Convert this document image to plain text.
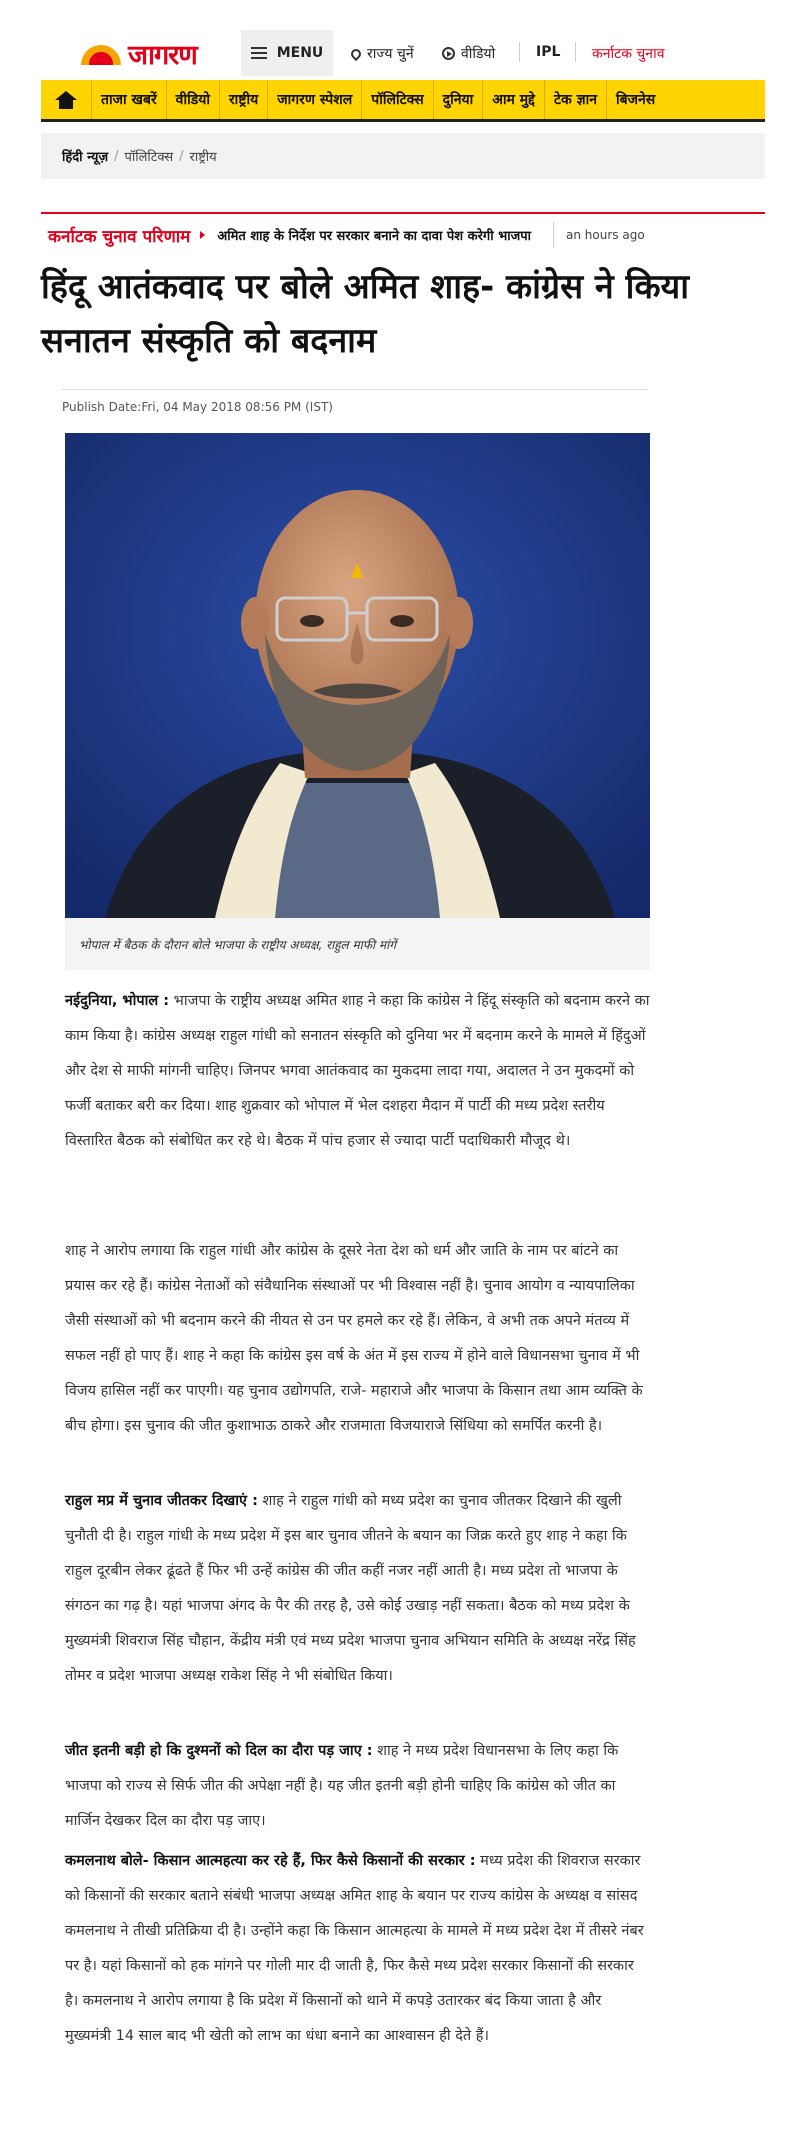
जागरण	MENU	राज्य चुनें	वीडियो	IPL कर्नाटक चुनाव
ताजा खबरें	वीडियो	राष्ट्रीय	जागरण स्पेशल	पॉलिटिक्स	दुनिया	आम मुद्दे	टेक ज्ञान	बिजनेस
हिंदी न्यूज़ / पॉलिटिक्स / राष्ट्रीय
कर्नाटक चुनाव परिणाम अमित शाह के निर्देश पर सरकार बनाने का दावा पेश करेगी भाजपा	an hours ago
हिंदू आतंकवाद पर बोले अमित शाह- कांग्रेस ने किया सनातन संस्कृति को बदनाम
Publish Date:Fri, 04 May 2018 08:56 PM (IST)
भोपाल में बैठक के दौरान बोले भाजपा के राष्ट्रीय अध्यक्ष, राहुल माफी मांगें

नईदुनिया, भोपाल : भाजपा के राष्ट्रीय अध्यक्ष अमित शाह ने कहा कि कांग्रेस ने हिंदू संस्कृति को बदनाम करने का काम किया है। कांग्रेस अध्यक्ष राहुल गांधी को सनातन संस्कृति को दुनिया भर में बदनाम करने के मामले में हिंदुओं और देश से माफी मांगनी चाहिए। जिनपर भगवा आतंकवाद का मुकदमा लादा गया, अदालत ने उन मुकदमों को फर्जी बताकर बरी कर दिया। शाह शुक्रवार को भोपाल में भेल दशहरा मैदान में पार्टी की मध्य प्रदेश स्तरीय विस्तारित बैठक को संबोधित कर रहे थे। बैठक में पांच हजार से ज्यादा पार्टी पदाधिकारी मौजूद थे।

शाह ने आरोप लगाया कि राहुल गांधी और कांग्रेस के दूसरे नेता देश को धर्म और जाति के नाम पर बांटने का प्रयास कर रहे हैं। कांग्रेस नेताओं को संवैधानिक संस्थाओं पर भी विश्वास नहीं है। चुनाव आयोग व न्यायपालिका जैसी संस्थाओं को भी बदनाम करने की नीयत से उन पर हमले कर रहे हैं। लेकिन, वे अभी तक अपने मंतव्य में सफल नहीं हो पाए हैं। शाह ने कहा कि कांग्रेस इस वर्ष के अंत में इस राज्य में होने वाले विधानसभा चुनाव में भी विजय हासिल नहीं कर पाएगी। यह चुनाव उद्योगपति, राजे- महाराजे और भाजपा के किसान तथा आम व्यक्ति के बीच होगा। इस चुनाव की जीत कुशाभाऊ ठाकरे और राजमाता विजयाराजे सिंधिया को समर्पित करनी है।

राहुल मप्र में चुनाव जीतकर दिखाएं : शाह ने राहुल गांधी को मध्य प्रदेश का चुनाव जीतकर दिखाने की खुली चुनौती दी है। राहुल गांधी के मध्य प्रदेश में इस बार चुनाव जीतने के बयान का जिक्र करते हुए शाह ने कहा कि राहुल दूरबीन लेकर ढूंढते हैं फिर भी उन्हें कांग्रेस की जीत कहीं नजर नहीं आती है। मध्य प्रदेश तो भाजपा के संगठन का गढ़ है। यहां भाजपा अंगद के पैर की तरह है, उसे कोई उखाड़ नहीं सकता। बैठक को मध्य प्रदेश के मुख्यमंत्री शिवराज सिंह चौहान, केंद्रीय मंत्री एवं मध्य प्रदेश भाजपा चुनाव अभियान समिति के अध्यक्ष नरेंद्र सिंह तोमर व प्रदेश भाजपा अध्यक्ष राकेश सिंह ने भी संबोधित किया।

जीत इतनी बड़ी हो कि दुश्मनों को दिल का दौरा पड़ जाए : शाह ने मध्य प्रदेश विधानसभा के लिए कहा कि भाजपा को राज्य से सिर्फ जीत की अपेक्षा नहीं है। यह जीत इतनी बड़ी होनी चाहिए कि कांग्रेस को जीत का मार्जिन देखकर दिल का दौरा पड़ जाए।

कमलनाथ बोले- किसान आत्महत्या कर रहे हैं, फिर कैसे किसानों की सरकार : मध्य प्रदेश की शिवराज सरकार को किसानों की सरकार बताने संबंधी भाजपा अध्यक्ष अमित शाह के बयान पर राज्य कांग्रेस के अध्यक्ष व सांसद कमलनाथ ने तीखी प्रतिक्रिया दी है। उन्होंने कहा कि किसान आत्महत्या के मामले में मध्य प्रदेश देश में तीसरे नंबर पर है। यहां किसानों को हक मांगने पर गोली मार दी जाती है, फिर कैसे मध्य प्रदेश सरकार किसानों की सरकार है। कमलनाथ ने आरोप लगाया है कि प्रदेश में किसानों को थाने में कपड़े उतारकर बंद किया जाता है और मुख्यमंत्री 14 साल बाद भी खेती को लाभ का धंधा बनाने का आश्वासन ही देते हैं।
